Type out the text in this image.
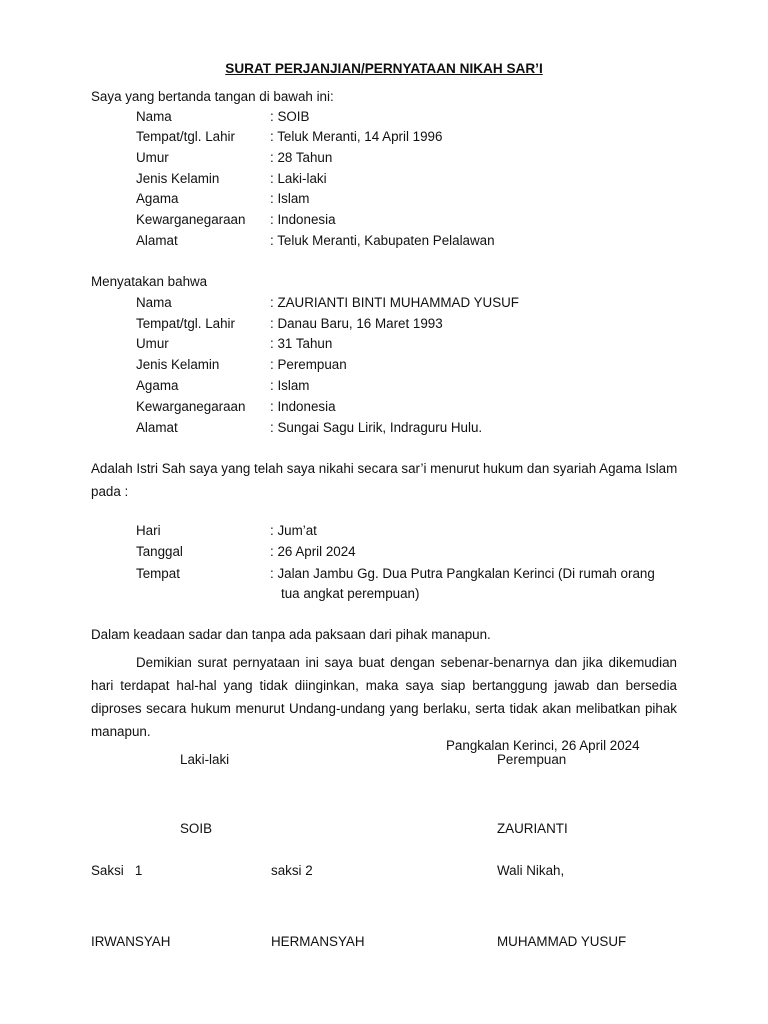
SURAT PERJANJIAN/PERNYATAAN NIKAH SAR’I
Saya yang bertanda tangan di bawah ini:
Nama	: SOIB
Tempat/tgl. Lahir	: Teluk Meranti, 14 April 1996
Umur	: 28 Tahun
Jenis Kelamin	: Laki-laki
Agama	: Islam
Kewarganegaraan : Indonesia
Alamat	: Teluk Meranti, Kabupaten Pelalawan
Menyatakan bahwa
Nama	: ZAURIANTI BINTI MUHAMMAD YUSUF
Tempat/tgl. Lahir	: Danau Baru, 16 Maret 1993
Umur	: 31 Tahun
Jenis Kelamin	: Perempuan
Agama	: Islam
Kewarganegaraan : Indonesia
Alamat	: Sungai Sagu Lirik, Indraguru Hulu.
Adalah Istri Sah saya yang telah saya nikahi secara sar’i menurut hukum dan syariah Agama Islam pada :
Hari	: Jum’at
Tanggal	: 26 April 2024
Tempat	: Jalan Jambu Gg. Dua Putra Pangkalan Kerinci (Di rumah orang
tua angkat perempuan)
Dalam keadaan sadar dan tanpa ada paksaan dari pihak manapun.
Demikian surat pernyataan ini saya buat dengan sebenar-benarnya dan jika dikemudian hari terdapat hal-hal yang tidak diinginkan, maka saya siap bertanggung jawab dan bersedia diproses secara hukum menurut Undang-undang yang berlaku, serta tidak akan melibatkan pihak manapun.
Pangkalan Kerinci, 26 April 2024
Laki-laki	Perempuan
SOIB	ZAURIANTI
Saksi   1	saksi 2	Wali Nikah,
IRWANSYAH	HERMANSYAH	MUHAMMAD YUSUF
